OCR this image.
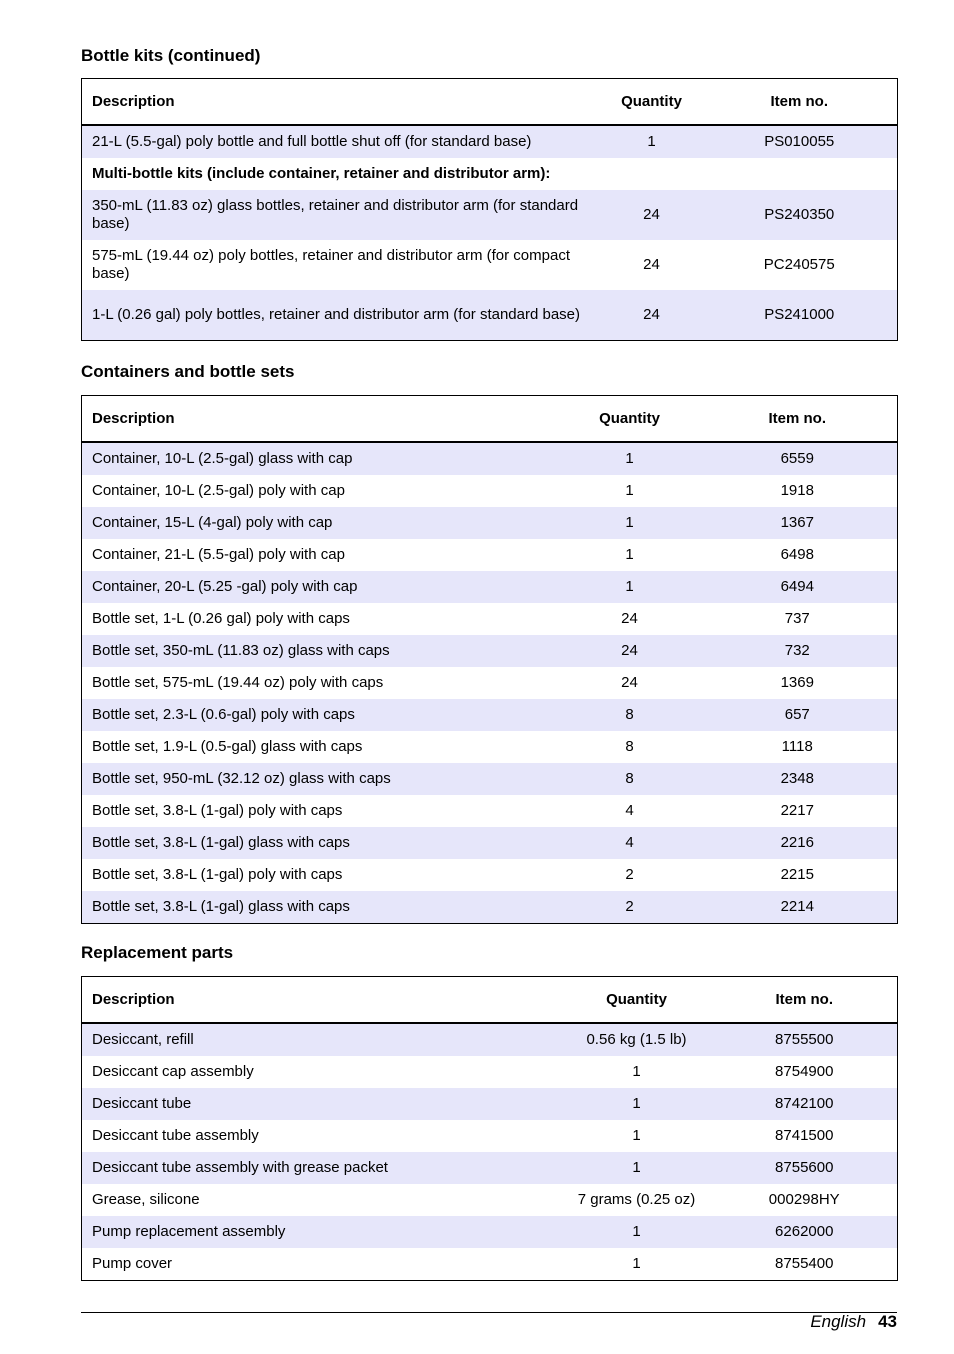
Bottle kits (continued)
Description	Quantity	Item no.
21-L (5.5-gal) poly bottle and full bottle shut off (for standard base)	1	PS010055
Multi-bottle kits (include container, retainer and distributor arm):		
350-mL (11.83 oz) glass bottles, retainer and distributor arm (for standard base)	24	PS240350
575-mL (19.44 oz) poly bottles, retainer and distributor arm (for compact base)	24	PC240575
1-L (0.26 gal) poly bottles, retainer and distributor arm (for standard base)	24	PS241000
Containers and bottle sets
Description	Quantity	Item no.
Container, 10-L (2.5-gal) glass with cap	1	6559
Container, 10-L (2.5-gal) poly with cap	1	1918
Container, 15-L (4-gal) poly with cap	1	1367
Container, 21-L (5.5-gal) poly with cap	1	6498
Container, 20-L (5.25 -gal) poly with cap	1	6494
Bottle set, 1-L (0.26 gal) poly with caps	24	737
Bottle set, 350-mL (11.83 oz) glass with caps	24	732
Bottle set, 575-mL (19.44 oz) poly with caps	24	1369
Bottle set, 2.3-L (0.6-gal) poly with caps	8	657
Bottle set, 1.9-L (0.5-gal) glass with caps	8	1118
Bottle set, 950-mL (32.12 oz) glass with caps	8	2348
Bottle set, 3.8-L (1-gal) poly with caps	4	2217
Bottle set, 3.8-L (1-gal) glass with caps	4	2216
Bottle set, 3.8-L (1-gal) poly with caps	2	2215
Bottle set, 3.8-L (1-gal) glass with caps	2	2214
Replacement parts
Description	Quantity	Item no.
Desiccant, refill	0.56 kg (1.5 lb)	8755500
Desiccant cap assembly	1	8754900
Desiccant tube	1	8742100
Desiccant tube assembly	1	8741500
Desiccant tube assembly with grease packet	1	8755600
Grease, silicone	7 grams (0.25 oz)	000298HY
Pump replacement assembly	1	6262000
Pump cover	1	8755400
English 43
